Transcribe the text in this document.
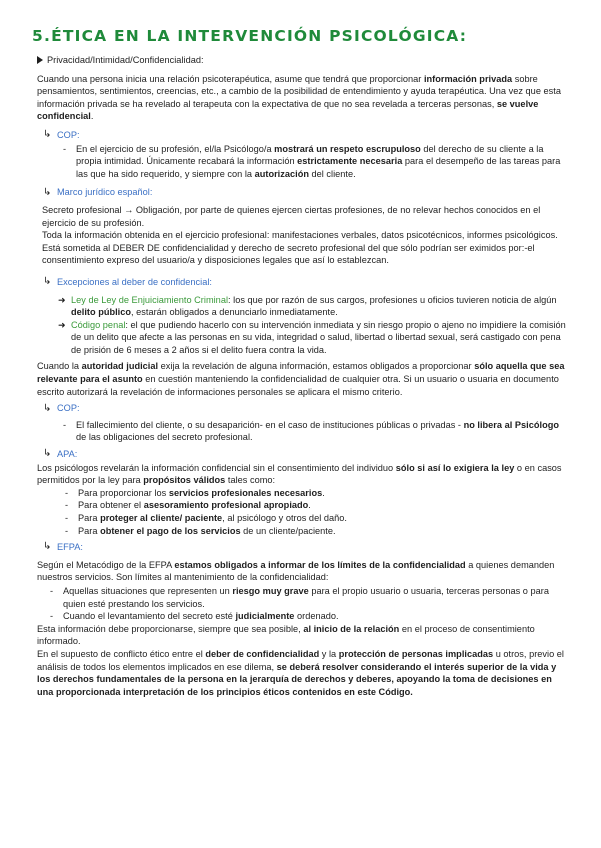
5.ÉTICA EN LA INTERVENCIÓN PSICOLÓGICA:

Privacidad/Intimidad/Confidencialidad:

Cuando una persona inicia una relación psicoterapéutica, asume que tendrá que proporcionar información privada sobre pensamientos, sentimientos, creencias, etc., a cambio de la posibilidad de entendimiento y ayuda terapéutica. Una vez que esta información privada se ha revelado al terapeuta con la expectativa de que no sea revelada a terceras personas, se vuelve confidencial.

↳ COP:
- En el ejercicio de su profesión, el/la Psicólogo/a mostrará un respeto escrupuloso del derecho de su cliente a la propia intimidad. Únicamente recabará la información estrictamente necesaria para el desempeño de las tareas para las que ha sido requerido, y siempre con la autorización del cliente.
↳ Marco jurídico español:

Secreto profesional → Obligación, por parte de quienes ejercen ciertas profesiones, de no relevar hechos conocidos en el ejercicio de su profesión.

Toda la información obtenida en el ejercicio profesional: manifestaciones verbales, datos psicotécnicos, informes psicológicos. Está sometida al DEBER DE confidencialidad y derecho de secreto profesional del que sólo podrían ser eximidos por:-el consentimiento expreso del usuario/a y disposiciones legales que así lo establezcan.

↳ Excepciones al deber de confidencial:
➜ Ley de Ley de Enjuiciamiento Criminal: los que por razón de sus cargos, profesiones u oficios tuvieren noticia de algún delito público, estarán obligados a denunciarlo inmediatamente.
➜ Código penal: el que pudiendo hacerlo con su intervención inmediata y sin riesgo propio o ajeno no impidiere la comisión de un delito que afecte a las personas en su vida, integridad o salud, libertad o libertad sexual, será castigado con pena de prisión de 6 meses a 2 años si el delito fuera contra la vida.

Cuando la autoridad judicial exija la revelación de alguna información, estamos obligados a proporcionar sólo aquella que sea relevante para el asunto en cuestión manteniendo la confidencialidad de cualquier otra. Si un usuario o usuaria en documento escrito autorizará la revelación de informaciones personales se aplicara el mismo criterio.

↳ COP:
- El fallecimiento del cliente, o su desaparición- en el caso de instituciones públicas o privadas - no libera al Psicólogo de las obligaciones del secreto profesional.
↳ APA:

Los psicólogos revelarán la información confidencial sin el consentimiento del individuo sólo si así lo exigiera la ley o en casos permitidos por la ley para propósitos válidos tales como:

- Para proporcionar los servicios profesionales necesarios.
- Para obtener el asesoramiento profesional apropiado.
- Para proteger al cliente/ paciente, al psicólogo y otros del daño.
- Para obtener el pago de los servicios de un cliente/paciente.
↳ EFPA:

Según el Metacódigo de la EFPA estamos obligados a informar de los límites de la confidencialidad a quienes demanden nuestros servicios. Son límites al mantenimiento de la confidencialidad:

- Aquellas situaciones que representen un riesgo muy grave para el propio usuario o usuaria, terceras personas o para quien esté prestando los servicios.
- Cuando el levantamiento del secreto esté judicialmente ordenado.

Esta información debe proporcionarse, siempre que sea posible, al inicio de la relación en el proceso de consentimiento informado.

En el supuesto de conflicto ético entre el deber de confidencialidad y la protección de personas implicadas u otros, previo el análisis de todos los elementos implicados en ese dilema, se deberá resolver considerando el interés superior de la vida y los derechos fundamentales de la persona en la jerarquía de derechos y deberes, apoyando la toma de decisiones en una proporcionada interpretación de los principios éticos contenidos en este Código.
